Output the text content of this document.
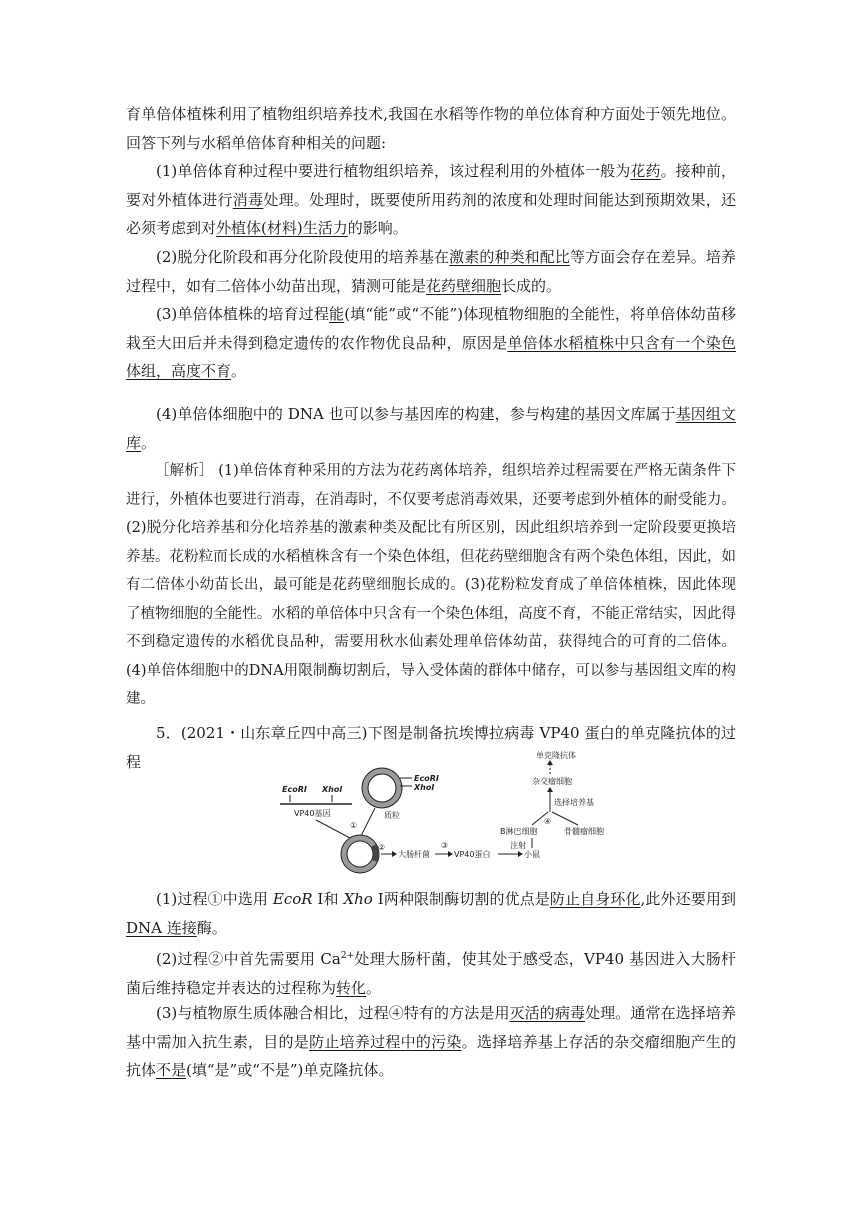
育单倍体植株利用了植物组织培养技术,我国在水稻等作物的单位体育种方面处于领先地位。回答下列与水稻单倍体育种相关的问题:

(1)单倍体育种过程中要进行植物组织培养，该过程利用的外植体一般为花药。接种前，要对外植体进行消毒处理。处理时，既要使所用药剂的浓度和处理时间能达到预期效果，还必须考虑到对外植体(材料)生活力的影响。

(2)脱分化阶段和再分化阶段使用的培养基在激素的种类和配比等方面会存在差异。培养过程中，如有二倍体小幼苗出现，猜测可能是花药壁细胞长成的。

(3)单倍体植株的培育过程能(填“能”或“不能”)体现植物细胞的全能性，将单倍体幼苗移栽至大田后并未得到稳定遗传的农作物优良品种，原因是单倍体水稻植株中只含有一个染色体组，高度不育。

(4)单倍体细胞中的 DNA 也可以参与基因库的构建，参与构建的基因文库属于基因组文库。

［解析］ (1)单倍体育种采用的方法为花药离体培养，组织培养过程需要在严格无菌条件下进行，外植体也要进行消毒，在消毒时，不仅要考虑消毒效果，还要考虑到外植体的耐受能力。(2)脱分化培养基和分化培养基的激素种类及配比有所区别，因此组织培养到一定阶段要更换培养基。花粉粒而长成的水稻植株含有一个染色体组，但花药壁细胞含有两个染色体组，因此，如有二倍体小幼苗长出，最可能是花药壁细胞长成的。(3)花粉粒发育成了单倍体植株，因此体现了植物细胞的全能性。水稻的单倍体中只含有一个染色体组，高度不育，不能正常结实，因此得不到稳定遗传的水稻优良品种，需要用秋水仙素处理单倍体幼苗，获得纯合的可育的二倍体。(4)单倍体细胞中的DNA用限制酶切割后，导入受体菌的群体中储存，可以参与基因组文库的构建。

5．(2021・山东章丘四中高三)下图是制备抗埃博拉病毒 VP40 蛋白的单克隆抗体的过程

EcoRⅠ XhoⅠ
VP40基因
EcoRⅠ
XhoⅠ
质粒
①
②
大肠杆菌
③
VP40蛋白
注射
小鼠
B淋巴细胞	骨髓瘤细胞
④
选择培养基
杂交瘤细胞
单克隆抗体

(1)过程①中选用 EcoR Ⅰ和 Xho Ⅰ两种限制酶切割的优点是防止自身环化,此外还要用到DNA 连接酶。

(2)过程②中首先需要用 $Ca^{2+}$处理大肠杆菌，使其处于感受态，VP40 基因进入大肠杆菌后维持稳定并表达的过程称为转化。

(3)与植物原生质体融合相比，过程④特有的方法是用灭活的病毒处理。通常在选择培养基中需加入抗生素，目的是防止培养过程中的污染。选择培养基上存活的杂交瘤细胞产生的抗体不是(填“是”或“不是”)单克隆抗体。
